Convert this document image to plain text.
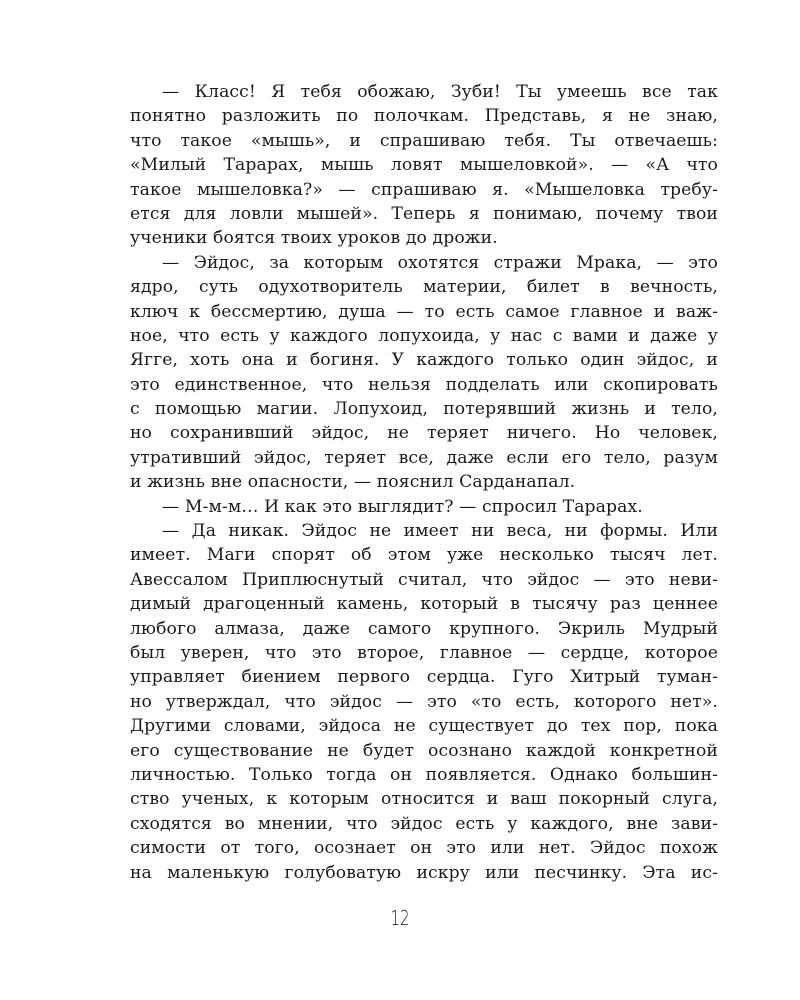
— Класс! Я тебя обожаю, Зуби! Ты умеешь все так
понятно разложить по полочкам. Представь, я не знаю,
что такое «мышь», и спрашиваю тебя. Ты отвечаешь:
«Милый Тарарах, мышь ловят мышеловкой». — «А что
такое мышеловка?» — спрашиваю я. «Мышеловка требу-
ется для ловли мышей». Теперь я понимаю, почему твои
ученики боятся твоих уроков до дрожи.
— Эйдос, за которым охотятся стражи Мрака, — это
ядро, суть одухотворитель материи, билет в вечность,
ключ к бессмертию, душа — то есть самое главное и важ-
ное, что есть у каждого лопухоида, у нас с вами и даже у
Ягге, хоть она и богиня. У каждого только один эйдос, и
это единственное, что нельзя подделать или скопировать
с помощью магии. Лопухоид, потерявший жизнь и тело,
но сохранивший эйдос, не теряет ничего. Но человек,
утративший эйдос, теряет все, даже если его тело, разум
и жизнь вне опасности, — пояснил Сарданапал.
— М-м-м… И как это выглядит? — спросил Тарарах.
— Да никак. Эйдос не имеет ни веса, ни формы. Или
имеет. Маги спорят об этом уже несколько тысяч лет.
Авессалом Приплюснутый считал, что эйдос — это неви-
димый драгоценный камень, который в тысячу раз ценнее
любого алмаза, даже самого крупного. Экриль Мудрый
был уверен, что это второе, главное — сердце, которое
управляет биением первого сердца. Гуго Хитрый туман-
но утверждал, что эйдос — это «то есть, которого нет».
Другими словами, эйдоса не существует до тех пор, пока
его существование не будет осознано каждой конкретной
личностью. Только тогда он появляется. Однако большин-
ство ученых, к которым относится и ваш покорный слуга,
сходятся во мнении, что эйдос есть у каждого, вне зави-
симости от того, осознает он это или нет. Эйдос похож
на маленькую голубоватую искру или песчинку. Эта ис-
12
